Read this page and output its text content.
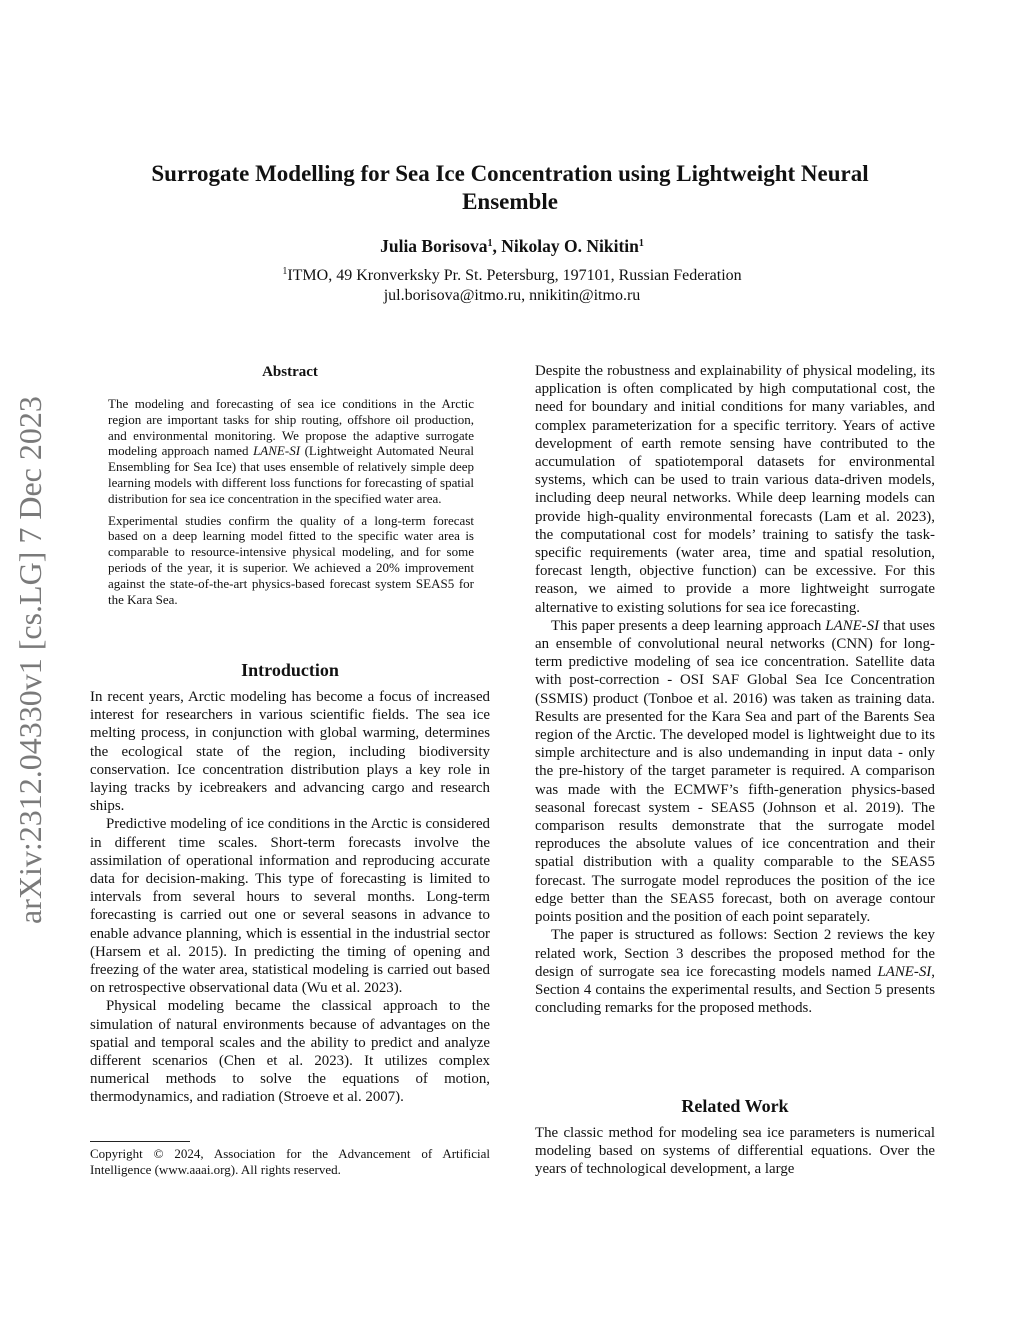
arXiv:2312.04330v1 [cs.LG] 7 Dec 2023
Surrogate Modelling for Sea Ice Concentration using Lightweight Neural Ensemble
Julia Borisova$^1$, Nikolay O. Nikitin$^1$
$^1$ITMO, 49 Kronverksky Pr. St. Petersburg, 197101, Russian Federation
jul.borisova@itmo.ru, nnikitin@itmo.ru
Abstract

The modeling and forecasting of sea ice conditions in the Arctic region are important tasks for ship routing, offshore oil production, and environmental monitoring. We propose the adaptive surrogate modeling approach named LANE-SI (Lightweight Automated Neural Ensembling for Sea Ice) that uses ensemble of relatively simple deep learning models with different loss functions for forecasting of spatial distribution for sea ice concentration in the specified water area.

Experimental studies confirm the quality of a long-term forecast based on a deep learning model fitted to the specific water area is comparable to resource-intensive physical modeling, and for some periods of the year, it is superior. We achieved a 20% improvement against the state-of-the-art physics-based forecast system SEAS5 for the Kara Sea.

Introduction

In recent years, Arctic modeling has become a focus of increased interest for researchers in various scientific fields. The sea ice melting process, in conjunction with global warming, determines the ecological state of the region, including biodiversity conservation. Ice concentration distribution plays a key role in laying tracks by icebreakers and advancing cargo and research ships.

Predictive modeling of ice conditions in the Arctic is considered in different time scales. Short-term forecasts involve the assimilation of operational information and reproducing accurate data for decision-making. This type of forecasting is limited to intervals from several hours to several months. Long-term forecasting is carried out one or several seasons in advance to enable advance planning, which is essential in the industrial sector (Harsem et al. 2015). In predicting the timing of opening and freezing of the water area, statistical modeling is carried out based on retrospective observational data (Wu et al. 2023).

Physical modeling became the classical approach to the simulation of natural environments because of advantages on the spatial and temporal scales and the ability to predict and analyze different scenarios (Chen et al. 2023). It utilizes complex numerical methods to solve the equations of motion, thermodynamics, and radiation (Stroeve et al. 2007).

Copyright © 2024, Association for the Advancement of Artificial Intelligence (www.aaai.org). All rights reserved.

Despite the robustness and explainability of physical modeling, its application is often complicated by high computational cost, the need for boundary and initial conditions for many variables, and complex parameterization for a specific territory. Years of active development of earth remote sensing have contributed to the accumulation of spatiotemporal datasets for environmental systems, which can be used to train various data-driven models, including deep neural networks. While deep learning models can provide high-quality environmental forecasts (Lam et al. 2023), the computational cost for models’ training to satisfy the task-specific requirements (water area, time and spatial resolution, forecast length, objective function) can be excessive. For this reason, we aimed to provide a more lightweight surrogate alternative to existing solutions for sea ice forecasting.

This paper presents a deep learning approach LANE-SI that uses an ensemble of convolutional neural networks (CNN) for long-term predictive modeling of sea ice concentration. Satellite data with post-correction - OSI SAF Global Sea Ice Concentration (SSMIS) product (Tonboe et al. 2016) was taken as training data. Results are presented for the Kara Sea and part of the Barents Sea region of the Arctic. The developed model is lightweight due to its simple architecture and is also undemanding in input data - only the pre-history of the target parameter is required. A comparison was made with the ECMWF’s fifth-generation physics-based seasonal forecast system - SEAS5 (Johnson et al. 2019). The comparison results demonstrate that the surrogate model reproduces the absolute values of ice concentration and their spatial distribution with a quality comparable to the SEAS5 forecast. The surrogate model reproduces the position of the ice edge better than the SEAS5 forecast, both on average contour points position and the position of each point separately.

The paper is structured as follows: Section 2 reviews the key related work, Section 3 describes the proposed method for the design of surrogate sea ice forecasting models named LANE-SI, Section 4 contains the experimental results, and Section 5 presents concluding remarks for the proposed methods.

Related Work

The classic method for modeling sea ice parameters is numerical modeling based on systems of differential equations. Over the years of technological development, a large
